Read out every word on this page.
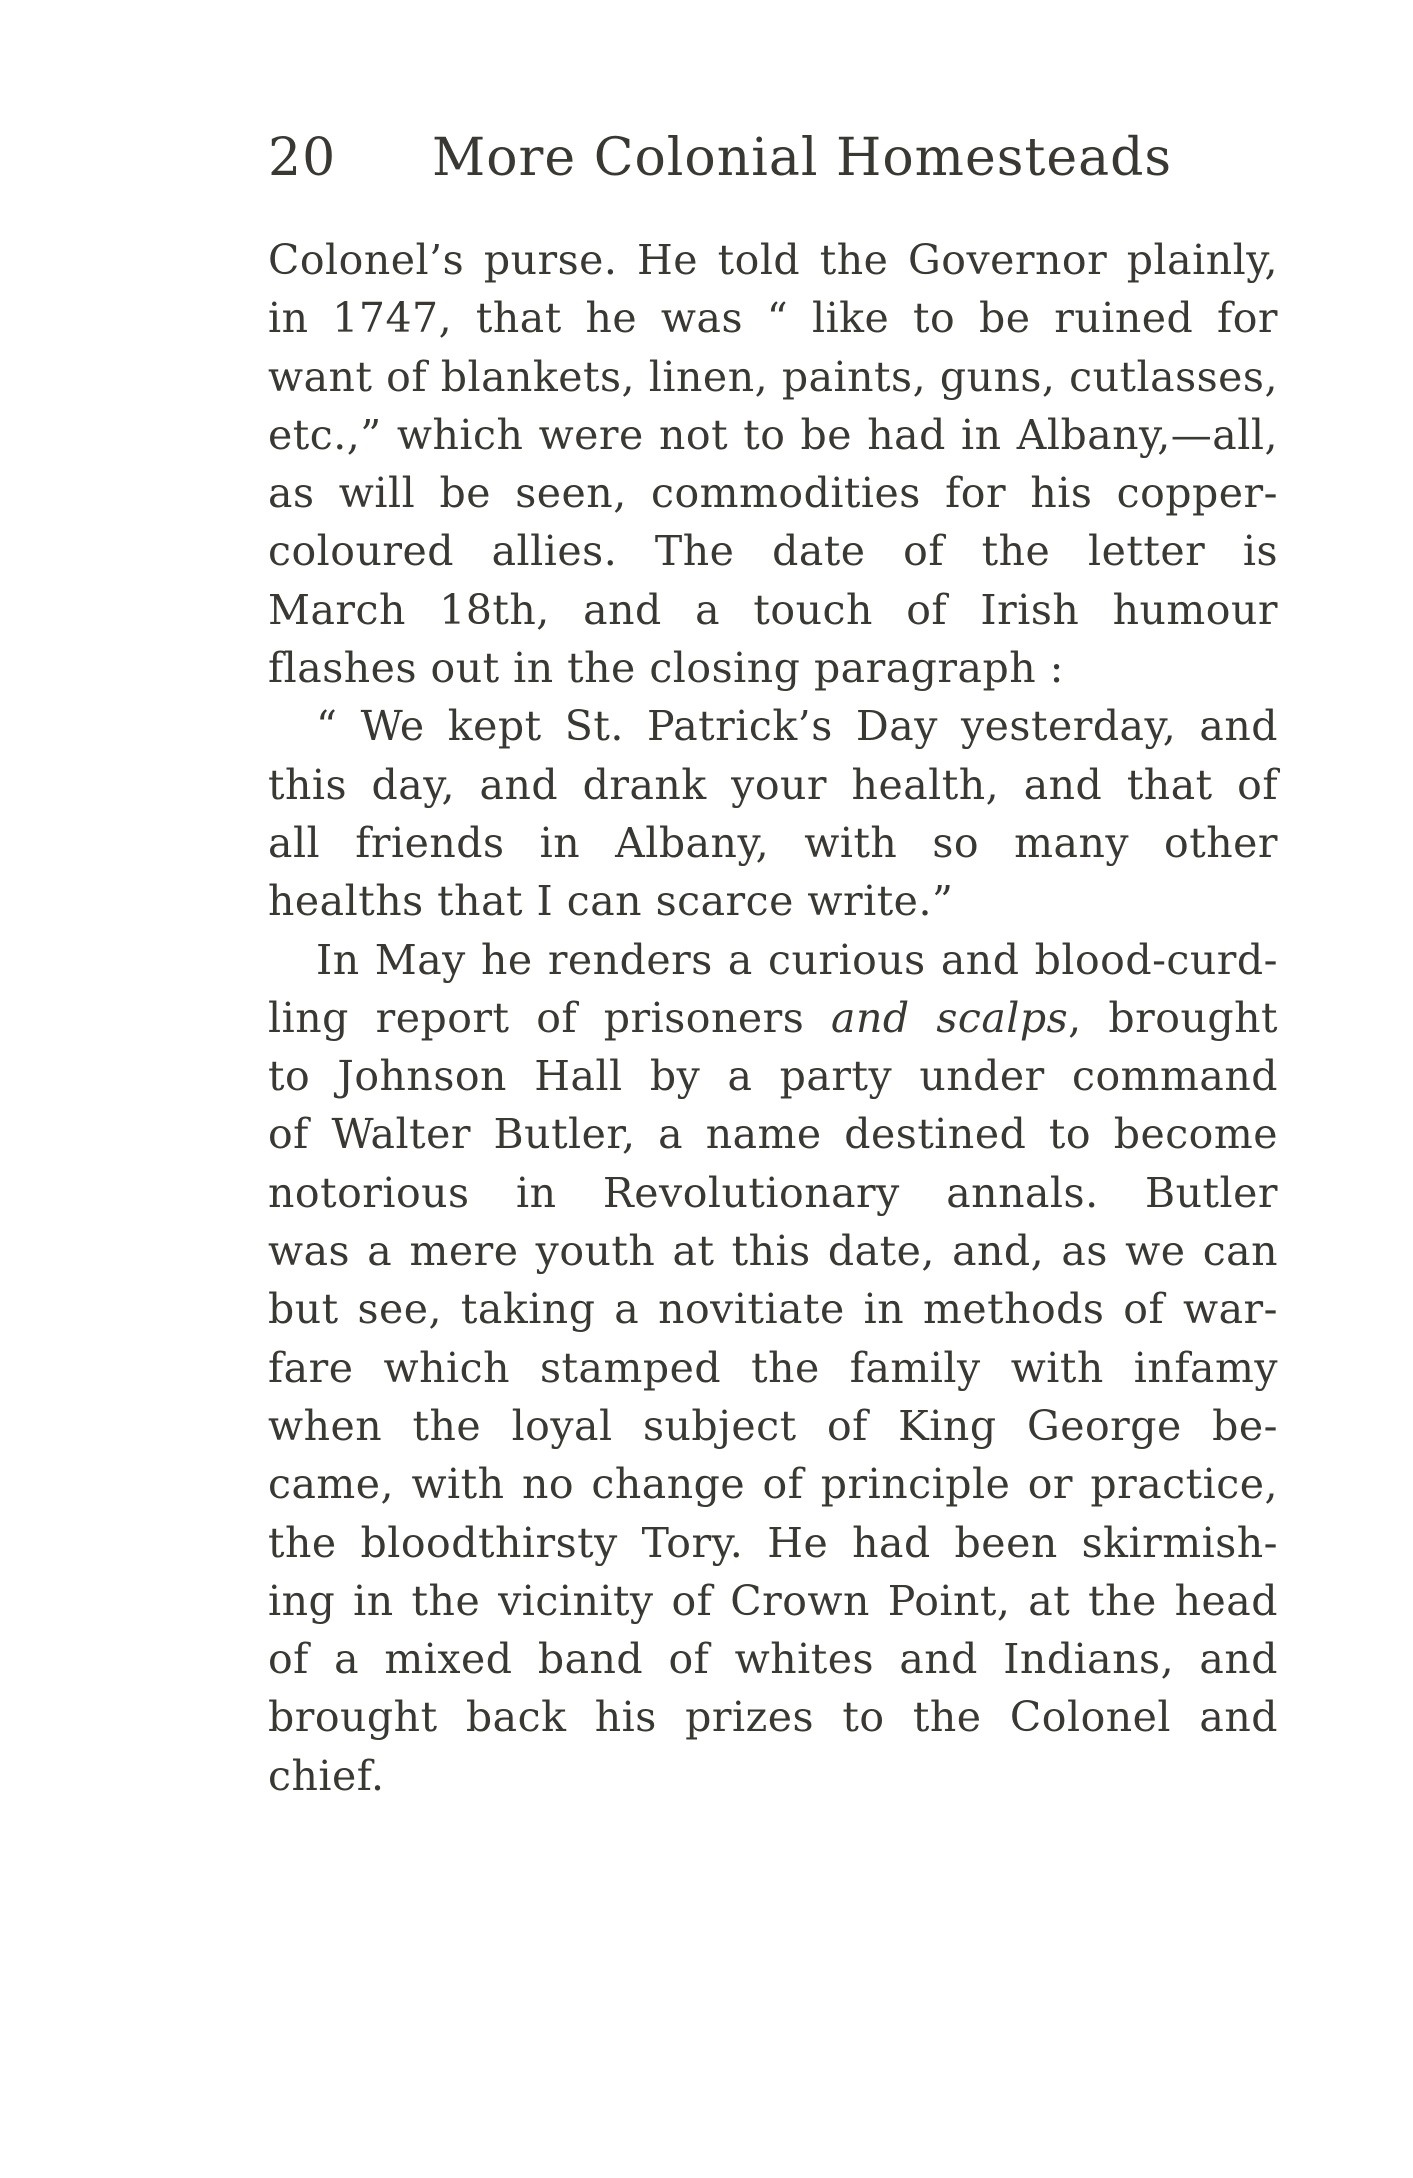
20 More Colonial Homesteads
Colonel’s purse. He told the Governor plainly,
in 1747, that he was “ like to be ruined for
want of blankets, linen, paints, guns, cutlasses,
etc.,” which were not to be had in Albany,—all,
as will be seen, commodities for his copper-
coloured allies. The date of the letter is
March 18th, and a touch of Irish humour
flashes out in the closing paragraph :
“ We kept St. Patrick’s Day yesterday, and
this day, and drank your health, and that of
all friends in Albany, with so many other
healths that I can scarce write.”
In May he renders a curious and blood-curd-
ling report of prisoners and scalps, brought
to Johnson Hall by a party under command
of Walter Butler, a name destined to become
notorious in Revolutionary annals. Butler
was a mere youth at this date, and, as we can
but see, taking a novitiate in methods of war-
fare which stamped the family with infamy
when the loyal subject of King George be-
came, with no change of principle or practice,
the bloodthirsty Tory. He had been skirmish-
ing in the vicinity of Crown Point, at the head
of a mixed band of whites and Indians, and
brought back his prizes to the Colonel and
chief.
